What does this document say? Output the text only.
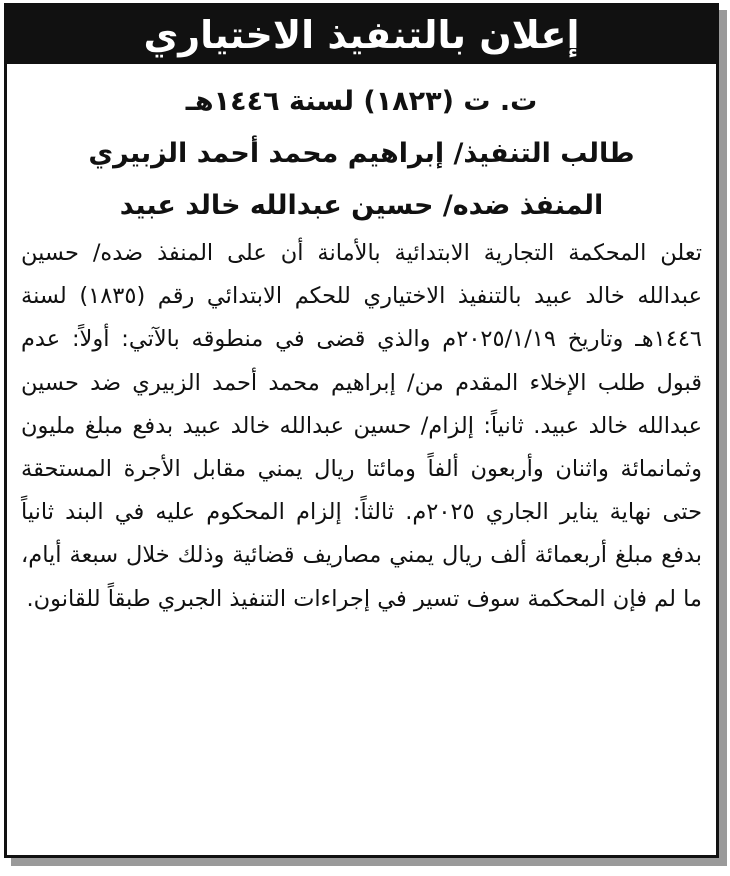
إعلان بالتنفيذ الاختياري

ت. ت (١٨٢٣) لسنة ١٤٤٦هـ

طالب التنفيذ/ إبراهيم محمد أحمد الزبيري

المنفذ ضده/ حسين عبدالله خالد عبيد

تعلن المحكمة التجارية الابتدائية بالأمانة أن على المنفذ ضده/ حسين عبدالله خالد عبيد بالتنفيذ الاختياري للحكم الابتدائي رقم (١٨٣٥) لسنة ١٤٤٦هـ وتاريخ ٢٠٢٥/١/١٩م والذي قضى في منطوقه بالآتي: أولاً: عدم قبول طلب الإخلاء المقدم من/ إبراهيم محمد أحمد الزبيري ضد حسين عبدالله خالد عبيد. ثانياً: إلزام/ حسين عبدالله خالد عبيد بدفع مبلغ مليون وثمانمائة واثنان وأربعون ألفاً ومائتا ريال يمني مقابل الأجرة المستحقة حتى نهاية يناير الجاري ٢٠٢٥م. ثالثاً: إلزام المحكوم عليه في البند ثانياً بدفع مبلغ أربعمائة ألف ريال يمني مصاريف قضائية وذلك خلال سبعة أيام، ما لم فإن المحكمة سوف تسير في إجراءات التنفيذ الجبري طبقاً للقانون.
